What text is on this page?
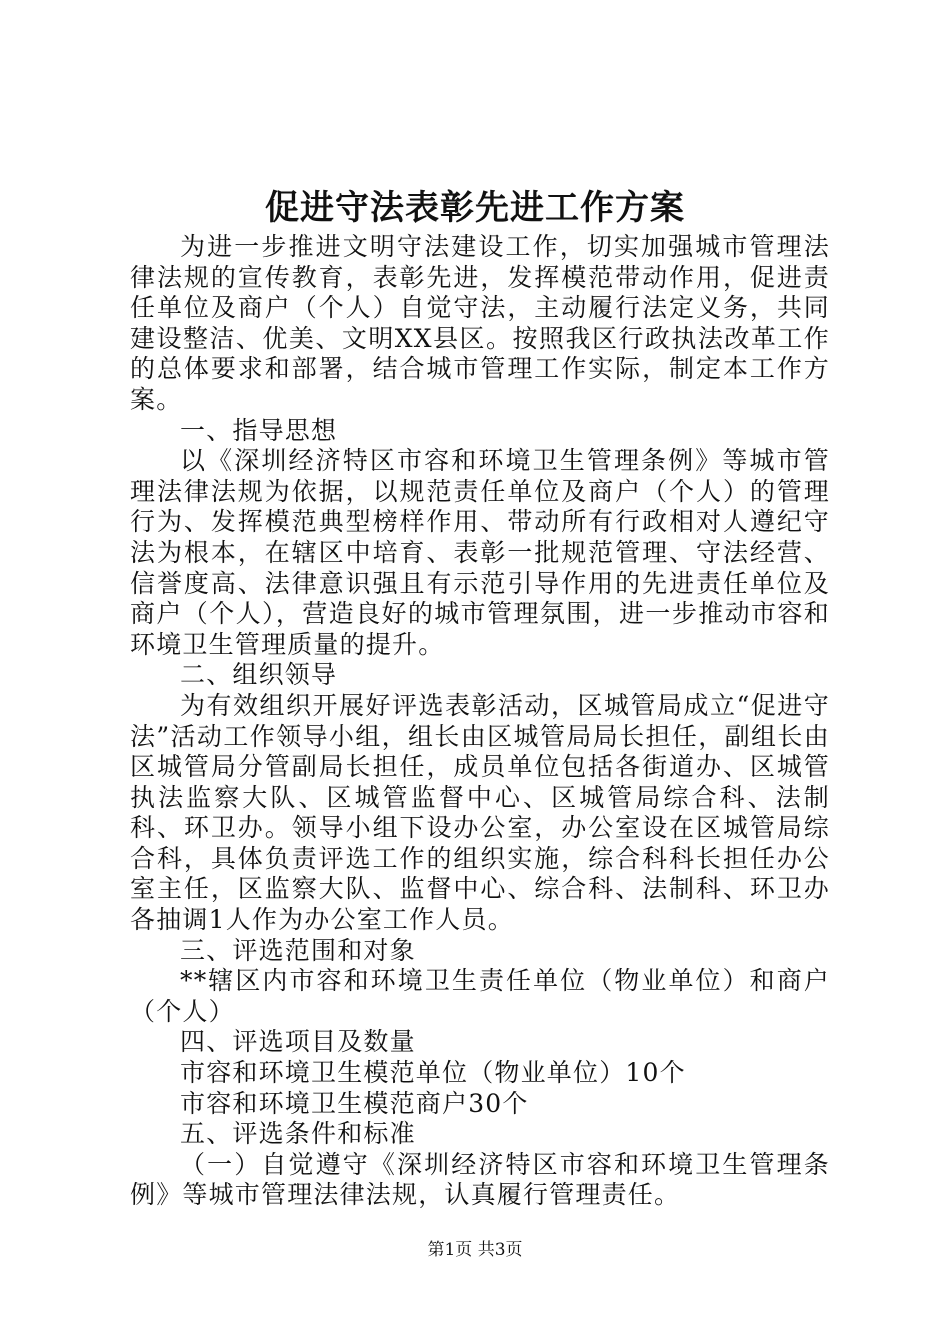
促进守法表彰先进工作方案

为进一步推进文明守法建设工作，切实加强城市管理法律法规的宣传教育，表彰先进，发挥模范带动作用，促进责任单位及商户（个人）自觉守法，主动履行法定义务，共同建设整洁、优美、文明XX县区。按照我区行政执法改革工作的总体要求和部署，结合城市管理工作实际，制定本工作方案。

一、指导思想

以《深圳经济特区市容和环境卫生管理条例》等城市管理法律法规为依据，以规范责任单位及商户（个人）的管理行为、发挥模范典型榜样作用、带动所有行政相对人遵纪守法为根本，在辖区中培育、表彰一批规范管理、守法经营、信誉度高、法律意识强且有示范引导作用的先进责任单位及商户（个人），营造良好的城市管理氛围，进一步推动市容和环境卫生管理质量的提升。

二、组织领导

为有效组织开展好评选表彰活动，区城管局成立“促进守法”活动工作领导小组，组长由区城管局局长担任，副组长由区城管局分管副局长担任，成员单位包括各街道办、区城管执法监察大队、区城管监督中心、区城管局综合科、法制科、环卫办。领导小组下设办公室，办公室设在区城管局综合科，具体负责评选工作的组织实施，综合科科长担任办公室主任，区监察大队、监督中心、综合科、法制科、环卫办各抽调1人作为办公室工作人员。

三、评选范围和对象

**辖区内市容和环境卫生责任单位（物业单位）和商户（个人）

四、评选项目及数量

市容和环境卫生模范单位（物业单位）10个

市容和环境卫生模范商户30个

五、评选条件和标准

（一）自觉遵守《深圳经济特区市容和环境卫生管理条例》等城市管理法律法规，认真履行管理责任。

第1页 共3页
